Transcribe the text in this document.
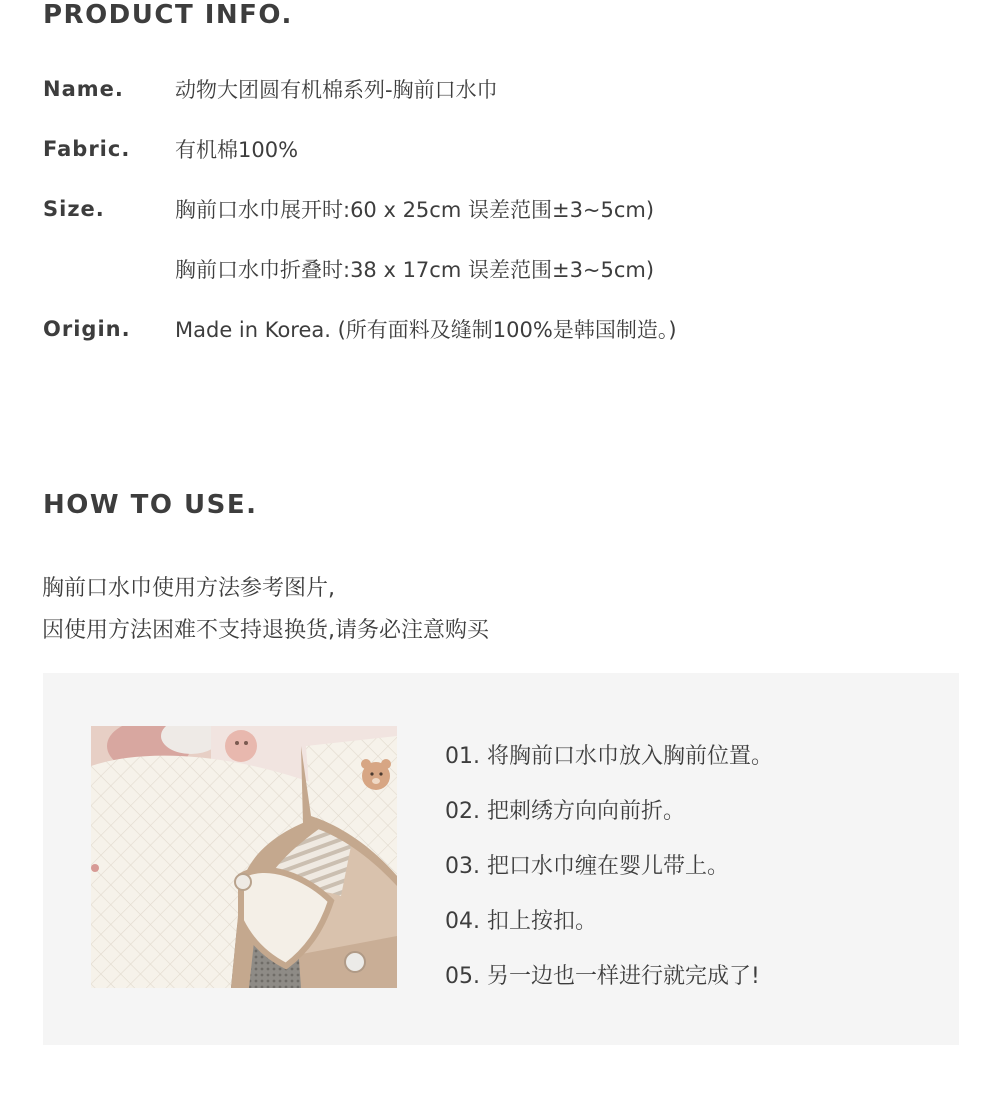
PRODUCT INFO.
Name.	动物大团圆有机棉系列-胸前口水巾
Fabric.	有机棉100%
Size.	胸前口水巾展开时:60 x 25cm 误差范围±3~5cm)
胸前口水巾折叠时:38 x 17cm 误差范围±3~5cm)
Origin.	Made in Korea. (所有面料及缝制100%是韩国制造。)
HOW TO USE.
胸前口水巾使用方法参考图片,
因使用方法困难不支持退换货,请务必注意购买
01. 将胸前口水巾放入胸前位置。
02. 把刺绣方向向前折。
03. 把口水巾缠在婴儿带上。
04. 扣上按扣。
05. 另一边也一样进行就完成了!
